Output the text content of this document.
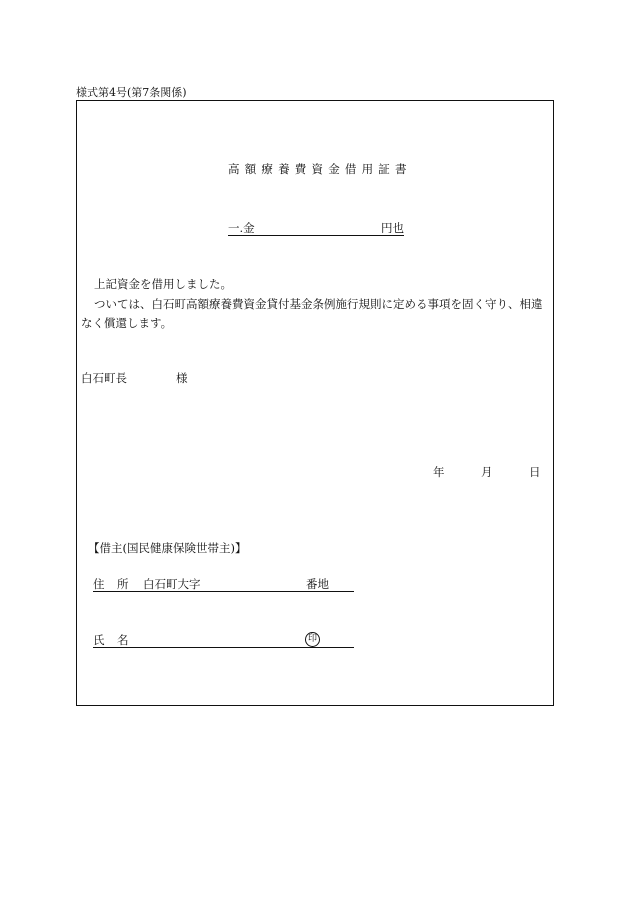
様式第4号(第7条関係)
高額療養費資金借用証書
一.金	円也
上記資金を借用しました。
ついては、白石町高額療養費資金貸付基金条例施行規則に定める事項を固く守り、相違
なく償還します。
白石町長	様
年	月	日
【借主(国民健康保険世帯主)】
住 所 白石町大字	番地
氏 名	印
